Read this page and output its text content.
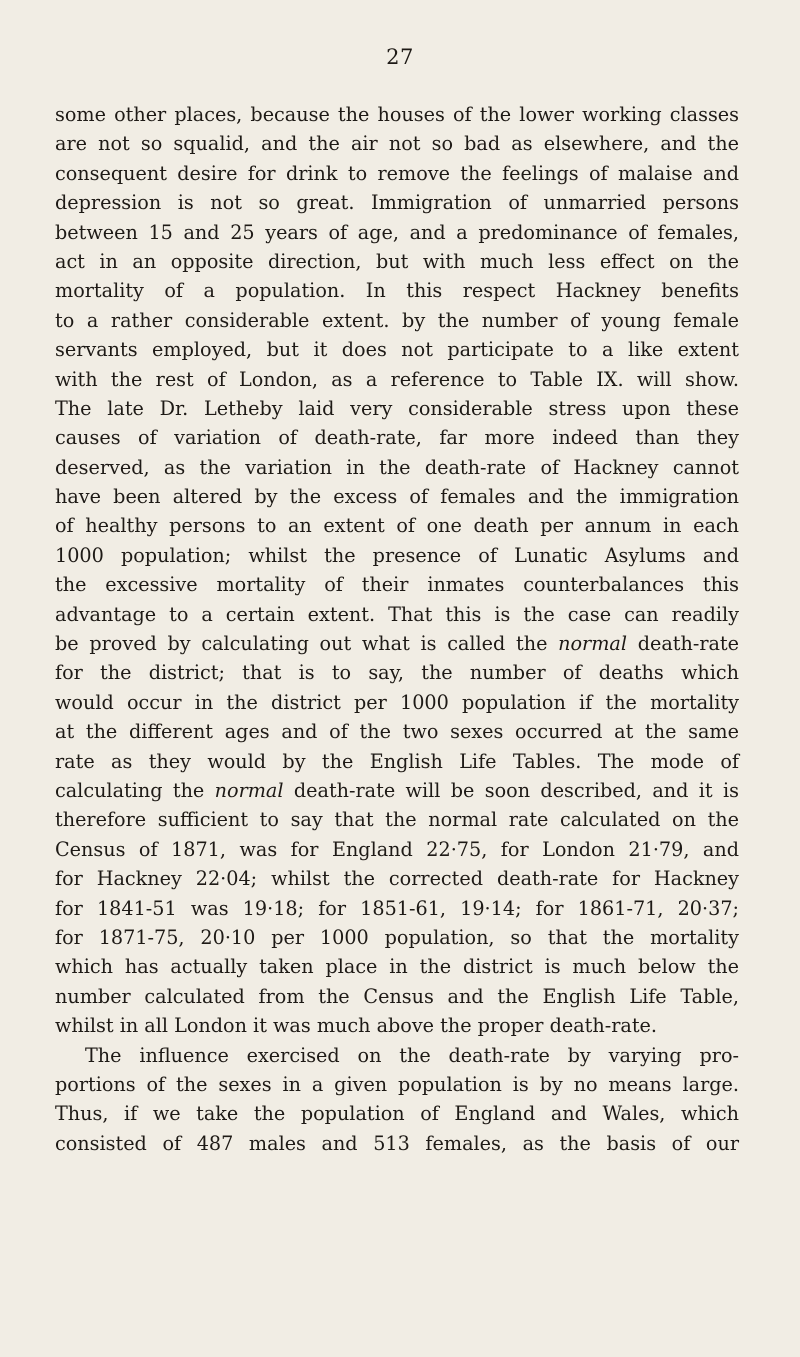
27
some other places, because the houses of the lower working classes
are not so squalid, and the air not so bad as elsewhere, and the
consequent desire for drink to remove the feelings of malaise and
depression is not so great. Immigration of unmarried persons
between 15 and 25 years of age, and a predominance of females,
act in an opposite direction, but with much less effect on the
mortality of a population. In this respect Hackney benefits
to a rather considerable extent. by the number of young female
servants employed, but it does not participate to a like extent
with the rest of London, as a reference to Table IX. will show.
The late Dr. Letheby laid very considerable stress upon these
causes of variation of death-rate, far more indeed than they
deserved, as the variation in the death-rate of Hackney cannot
have been altered by the excess of females and the immigration
of healthy persons to an extent of one death per annum in each
1000 population; whilst the presence of Lunatic Asylums and
the excessive mortality of their inmates counterbalances this
advantage to a certain extent. That this is the case can readily
be proved by calculating out what is called the normal death-rate
for the district; that is to say, the number of deaths which
would occur in the district per 1000 population if the mortality
at the different ages and of the two sexes occurred at the same
rate as they would by the English Life Tables. The mode of
calculating the normal death-rate will be soon described, and it is
therefore sufficient to say that the normal rate calculated on the
Census of 1871, was for England 22·75, for London 21·79, and
for Hackney 22·04; whilst the corrected death-rate for Hackney
for 1841-51 was 19·18; for 1851-61, 19·14; for 1861-71, 20·37;
for 1871-75, 20·10 per 1000 population, so that the mortality
which has actually taken place in the district is much below the
number calculated from the Census and the English Life Table,
whilst in all London it was much above the proper death-rate.
The influence exercised on the death-rate by varying pro-
portions of the sexes in a given population is by no means large.
Thus, if we take the population of England and Wales, which
consisted of 487 males and 513 females, as the basis of our
